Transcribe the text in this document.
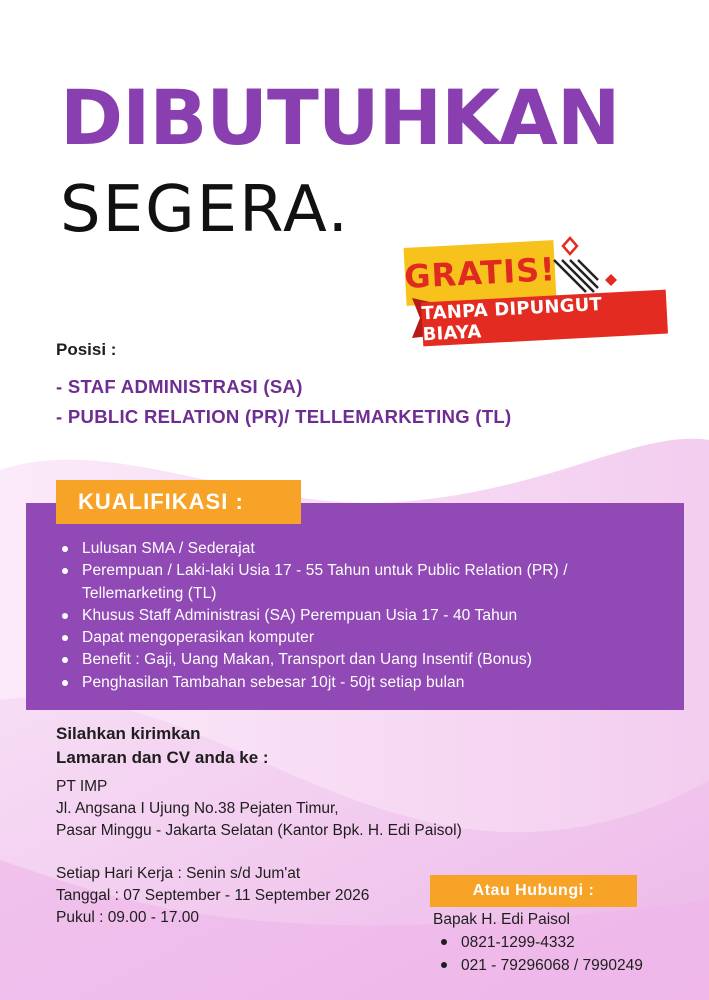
DIBUTUHKAN
SEGERA.
GRATIS!
TANPA DIPUNGUT BIAYA
Posisi :
- STAF ADMINISTRASI (SA)
- PUBLIC RELATION (PR)/ TELLEMARKETING (TL)
KUALIFIKASI :
Lulusan SMA / Sederajat
Perempuan / Laki-laki Usia 17 - 55 Tahun untuk Public Relation (PR) / Tellemarketing (TL)
Khusus Staff Administrasi (SA) Perempuan Usia 17 - 40 Tahun
Dapat mengoperasikan komputer
Benefit : Gaji, Uang Makan, Transport dan Uang Insentif (Bonus)
Penghasilan Tambahan sebesar 10jt - 50jt setiap bulan
Silahkan kirimkan
Lamaran dan CV anda ke :
PT IMP
Jl. Angsana I Ujung No.38 Pejaten Timur,
Pasar Minggu - Jakarta Selatan (Kantor Bpk. H. Edi Paisol)
Setiap Hari Kerja : Senin s/d Jum'at
Tanggal : 07 September - 11 September 2026
Pukul : 09.00 - 17.00
Atau Hubungi :
Bapak H. Edi Paisol
0821-1299-4332
021 - 79296068 / 7990249
